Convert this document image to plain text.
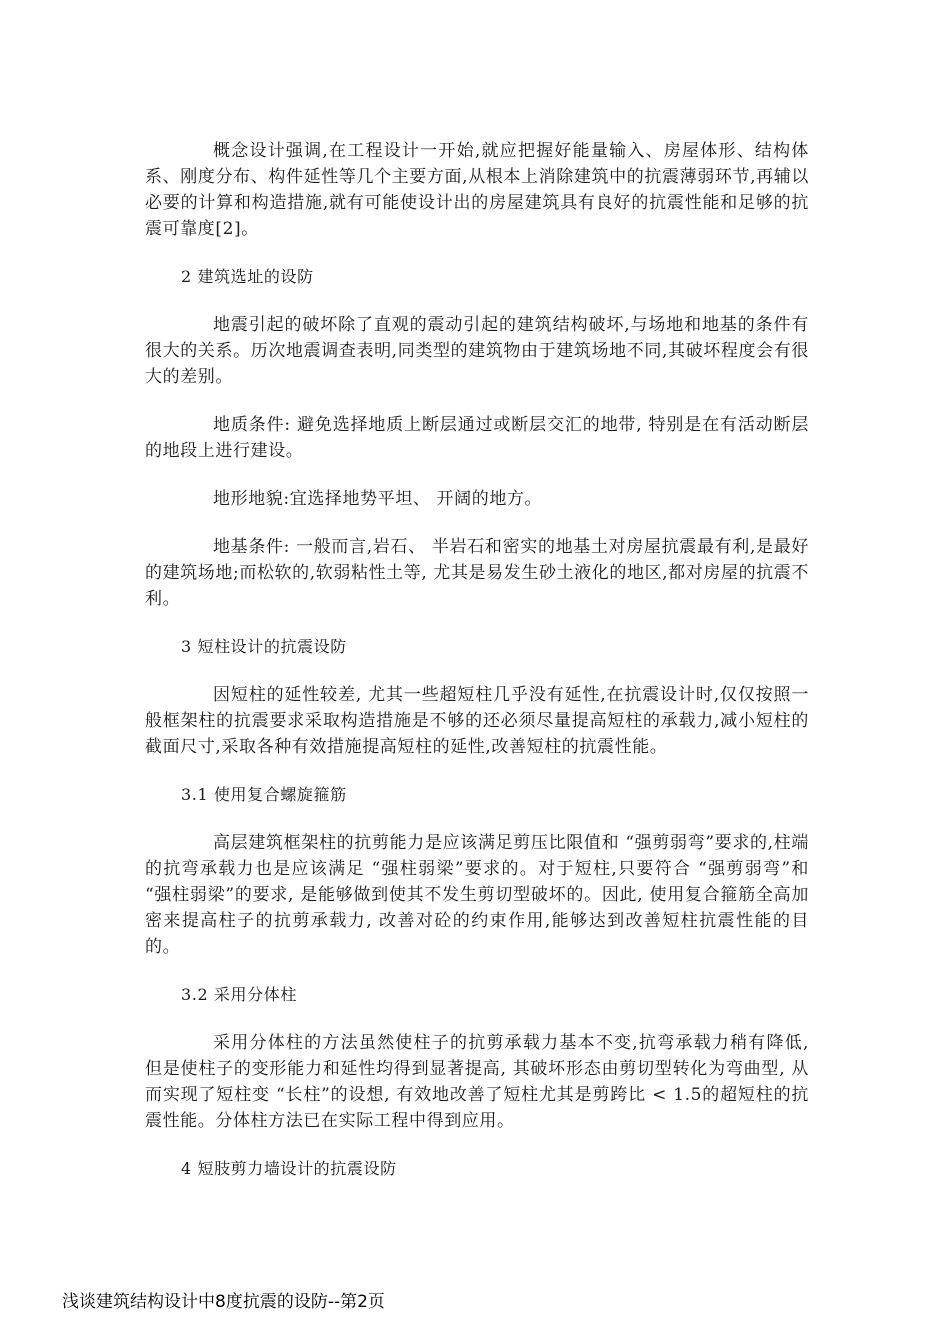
概念设计强调,在工程设计一开始,就应把握好能量输入、房屋体形、结构体系、刚度分布、构件延性等几个主要方面,从根本上消除建筑中的抗震薄弱环节,再辅以必要的计算和构造措施,就有可能使设计出的房屋建筑具有良好的抗震性能和足够的抗震可靠度[2]。

2 建筑选址的设防

地震引起的破坏除了直观的震动引起的建筑结构破坏,与场地和地基的条件有很大的关系。历次地震调查表明,同类型的建筑物由于建筑场地不同,其破坏程度会有很大的差别。

地质条件: 避免选择地质上断层通过或断层交汇的地带, 特别是在有活动断层的地段上进行建设。

地形地貌:宜选择地势平坦、 开阔的地方。

地基条件: 一般而言,岩石、 半岩石和密实的地基土对房屋抗震最有利,是最好的建筑场地;而松软的,软弱粘性土等, 尤其是易发生砂土液化的地区,都对房屋的抗震不利。

3 短柱设计的抗震设防

因短柱的延性较差, 尤其一些超短柱几乎没有延性,在抗震设计时,仅仅按照一般框架柱的抗震要求采取构造措施是不够的还必须尽量提高短柱的承载力,减小短柱的截面尺寸,采取各种有效措施提高短柱的延性,改善短柱的抗震性能。

3.1 使用复合螺旋箍筋

高层建筑框架柱的抗剪能力是应该满足剪压比限值和 “强剪弱弯”要求的,柱端的抗弯承载力也是应该满足 “强柱弱梁”要求的。对于短柱,只要符合 “强剪弱弯”和 “强柱弱梁”的要求, 是能够做到使其不发生剪切型破坏的。因此, 使用复合箍筋全高加密来提高柱子的抗剪承载力, 改善对砼的约束作用,能够达到改善短柱抗震性能的目的。

3.2 采用分体柱

采用分体柱的方法虽然使柱子的抗剪承载力基本不变,抗弯承载力稍有降低, 但是使柱子的变形能力和延性均得到显著提高, 其破坏形态由剪切型转化为弯曲型, 从而实现了短柱变 “长柱”的设想, 有效地改善了短柱尤其是剪跨比 < 1.5的超短柱的抗震性能。分体柱方法已在实际工程中得到应用。

4 短肢剪力墙设计的抗震设防

浅谈建筑结构设计中8度抗震的设防--第2页
